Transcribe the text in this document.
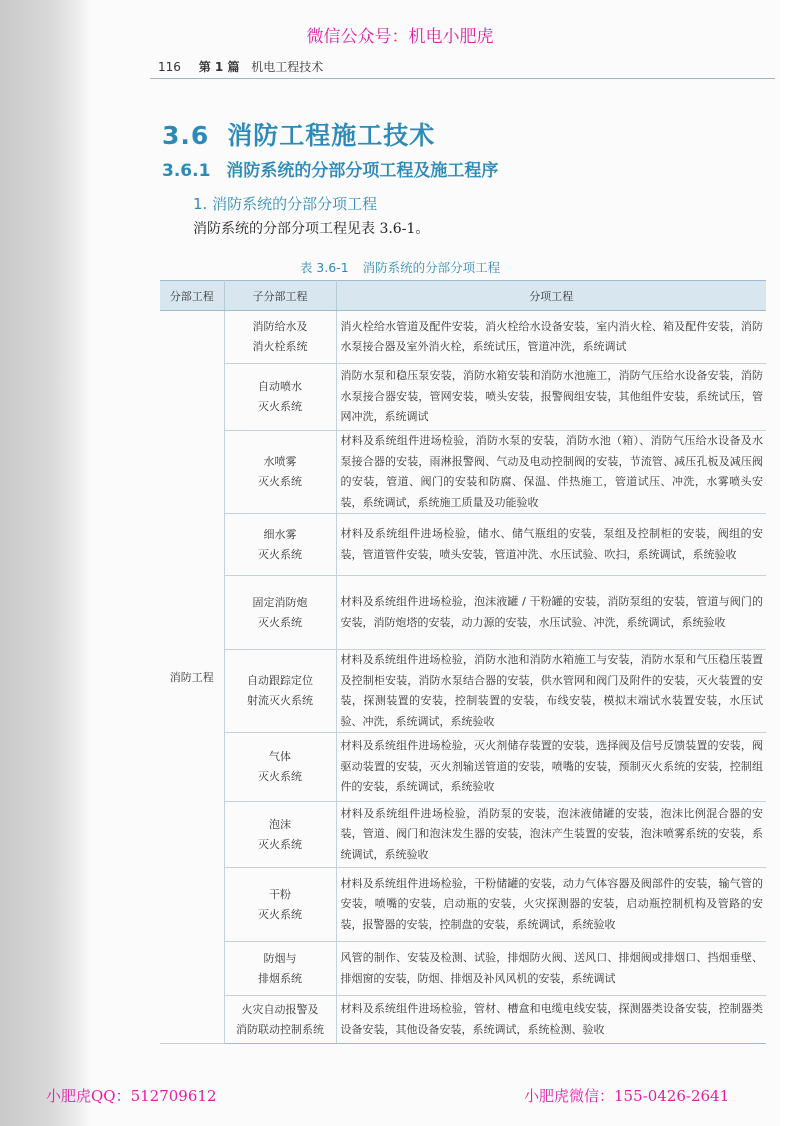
微信公众号：机电小肥虎
116 第 1 篇 机电工程技术
3.6 消防工程施工技术
3.6.1 消防系统的分部分项工程及施工程序
1. 消防系统的分部分项工程
消防系统的分部分项工程见表 3.6-1。
表 3.6-1 消防系统的分部分项工程
分部工程	子分部工程	分项工程
消防工程	消防给水及
消火栓系统	消火栓给水管道及配件安装，消火栓给水设备安装，室内消火栓、箱及配件安装，消防水泵接合器及室外消火栓，系统试压，管道冲洗，系统调试

	自动喷水
灭火系统	消防水泵和稳压泵安装，消防水箱安装和消防水池施工，消防气压给水设备安装，消防水泵接合器安装，管网安装，喷头安装，报警阀组安装，其他组件安装，系统试压，管网冲洗，系统调试

	水喷雾
灭火系统	材料及系统组件进场检验，消防水泵的安装，消防水池（箱）、消防气压给水设备及水泵接合器的安装，雨淋报警阀、气动及电动控制阀的安装，节流管、减压孔板及减压阀的安装，管道、阀门的安装和防腐、保温、伴热施工，管道试压、冲洗，水雾喷头安装，系统调试，系统施工质量及功能验收

	细水雾
灭火系统	材料及系统组件进场检验，储水、储气瓶组的安装，泵组及控制柜的安装，阀组的安装，管道管件安装，喷头安装，管道冲洗、水压试验、吹扫，系统调试，系统验收

	固定消防炮
灭火系统	材料及系统组件进场检验，泡沫液罐 / 干粉罐的安装，消防泵组的安装，管道与阀门的安装，消防炮塔的安装，动力源的安装，水压试验、冲洗，系统调试，系统验收

	自动跟踪定位
射流灭火系统	材料及系统组件进场检验，消防水池和消防水箱施工与安装，消防水泵和气压稳压装置及控制柜安装，消防水泵结合器的安装，供水管网和阀门及附件的安装，灭火装置的安装，探测装置的安装，控制装置的安装，布线安装，模拟末端试水装置安装，水压试验、冲洗，系统调试，系统验收

	气体
灭火系统	材料及系统组件进场检验，灭火剂储存装置的安装，选择阀及信号反馈装置的安装，阀驱动装置的安装，灭火剂输送管道的安装，喷嘴的安装，预制灭火系统的安装，控制组件的安装，系统调试，系统验收

	泡沫
灭火系统	材料及系统组件进场检验，消防泵的安装，泡沫液储罐的安装，泡沫比例混合器的安装，管道、阀门和泡沫发生器的安装，泡沫产生装置的安装，泡沫喷雾系统的安装，系统调试，系统验收

	干粉
灭火系统	材料及系统组件进场检验，干粉储罐的安装，动力气体容器及阀部件的安装，输气管的安装，喷嘴的安装，启动瓶的安装，火灾探测器的安装，启动瓶控制机构及管路的安装，报警器的安装，控制盘的安装，系统调试，系统验收

	防烟与
排烟系统	风管的制作、安装及检测、试验，排烟防火阀、送风口、排烟阀或排烟口、挡烟垂壁、排烟窗的安装，防烟、排烟及补风风机的安装，系统调试

	火灾自动报警及
消防联动控制系统	材料及系统组件进场检验，管材、槽盒和电缆电线安装，探测器类设备安装，控制器类设备安装，其他设备安装，系统调试，系统检测、验收
小肥虎QQ：512709612	小肥虎微信：155-0426-2641
